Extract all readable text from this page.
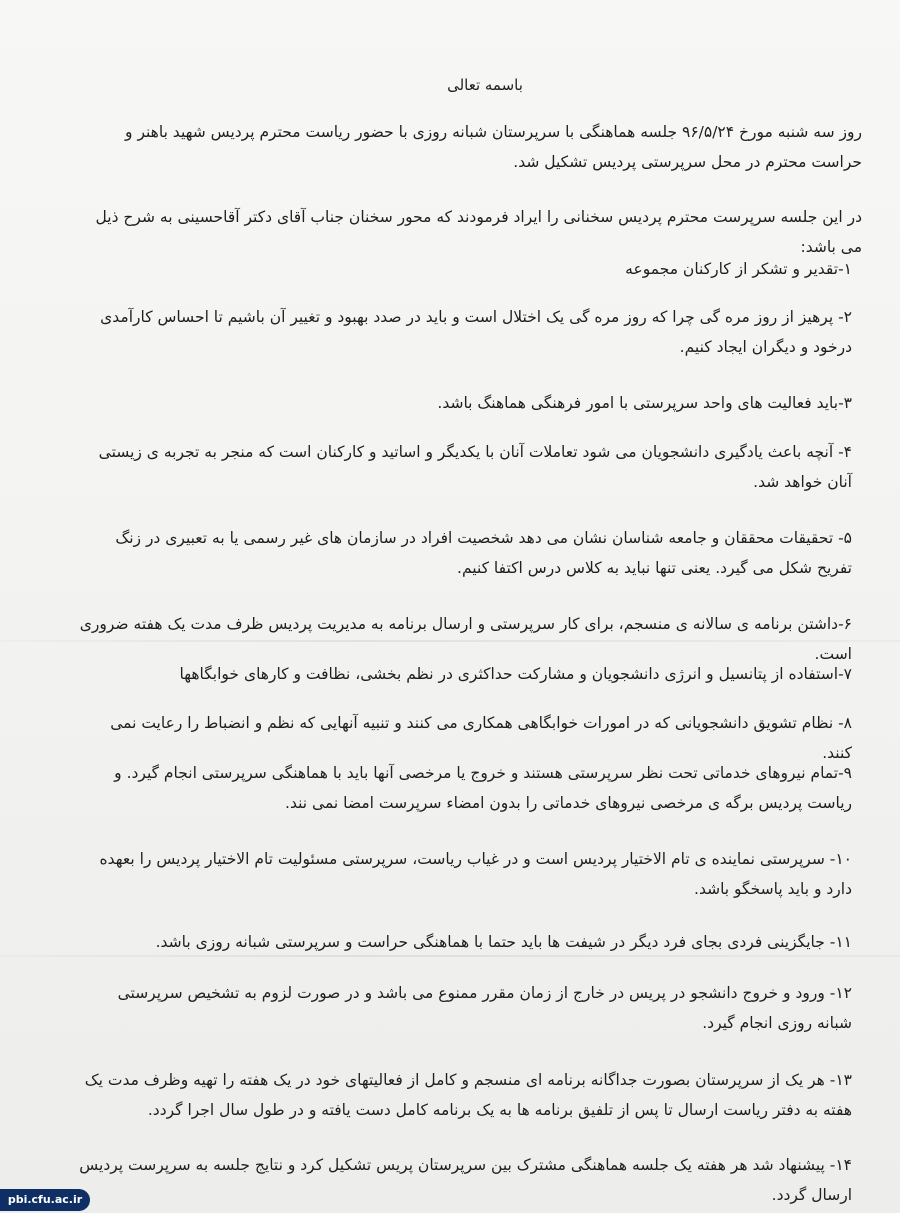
باسمه تعالی

روز سه شنبه مورخ ۹۶/۵/۲۴ جلسه هماهنگی با سرپرستان شبانه روزی با حضور ریاست محترم پردیس شهید باهنر و حراست محترم در محل سرپرستی پردیس تشکیل شد.

در این جلسه سرپرست محترم پردیس سخنانی را ایراد فرمودند که محور سخنان جناب آقای دکتر آقاحسینی به شرح ذیل می باشد:

۱-تقدیر و تشکر از کارکنان مجموعه

۲- پرهیز از روز مره گی چرا که روز مره گی یک اختلال است و باید در صدد بهبود و تغییر آن باشیم تا احساس کارآمدی درخود و دیگران ایجاد کنیم.

۳-باید فعالیت های واحد سرپرستی با امور فرهنگی هماهنگ باشد.

۴- آنچه باعث یادگیری دانشجویان می شود تعاملات آنان با یکدیگر و اساتید و کارکنان است که منجر به تجربه ی زیستی آنان خواهد شد.

۵- تحقیقات محققان و جامعه شناسان نشان می دهد شخصیت افراد در سازمان های غیر رسمی یا به تعبیری در زنگ تفریح شکل می گیرد. یعنی تنها نباید به کلاس درس اکتفا کنیم.

۶-داشتن برنامه ی سالانه ی منسجم، برای کار سرپرستی و ارسال برنامه به مدیریت پردیس ظرف مدت یک هفته ضروری است.

۷-استفاده از پتانسیل و انرژی دانشجویان و مشارکت حداکثری در نظم بخشی، نظافت و کارهای خوابگاهها

۸- نظام تشویق دانشجویانی که در امورات خوابگاهی همکاری می کنند و تنبیه آنهایی که نظم و انضباط را رعایت نمی کنند.

۹-تمام نیروهای خدماتی تحت نظر سرپرستی هستند و خروج یا مرخصی آنها باید با هماهنگی سرپرستی انجام گیرد. و ریاست پردیس برگه ی مرخصی نیروهای خدماتی را بدون امضاء سرپرست امضا نمی نند.

۱۰- سرپرستی نماینده ی تام الاختیار پردیس است و در غیاب ریاست، سرپرستی مسئولیت تام الاختیار پردیس را بعهده دارد و باید پاسخگو باشد.

۱۱- جایگزینی فردی بجای فرد دیگر در شیفت ها باید حتما با هماهنگی حراست و سرپرستی شبانه روزی باشد.

۱۲- ورود و خروج دانشجو در پریس در خارج از زمان مقرر ممنوع می باشد و در صورت لزوم به تشخیص سرپرستی شبانه روزی انجام گیرد.

۱۳- هر یک از سرپرستان بصورت جداگانه برنامه ای منسجم و کامل از فعالیتهای خود در یک هفته را تهیه وظرف مدت یک هفته به دفتر ریاست ارسال تا پس از تلفیق برنامه ها به یک برنامه کامل دست یافته و در طول سال اجرا گردد.

۱۴- پیشنهاد شد هر هفته یک جلسه هماهنگی مشترک بین سرپرستان پریس تشکیل کرد و نتایج جلسه به سرپرست پردیس ارسال گردد.

pbi.cfu.ac.ir
